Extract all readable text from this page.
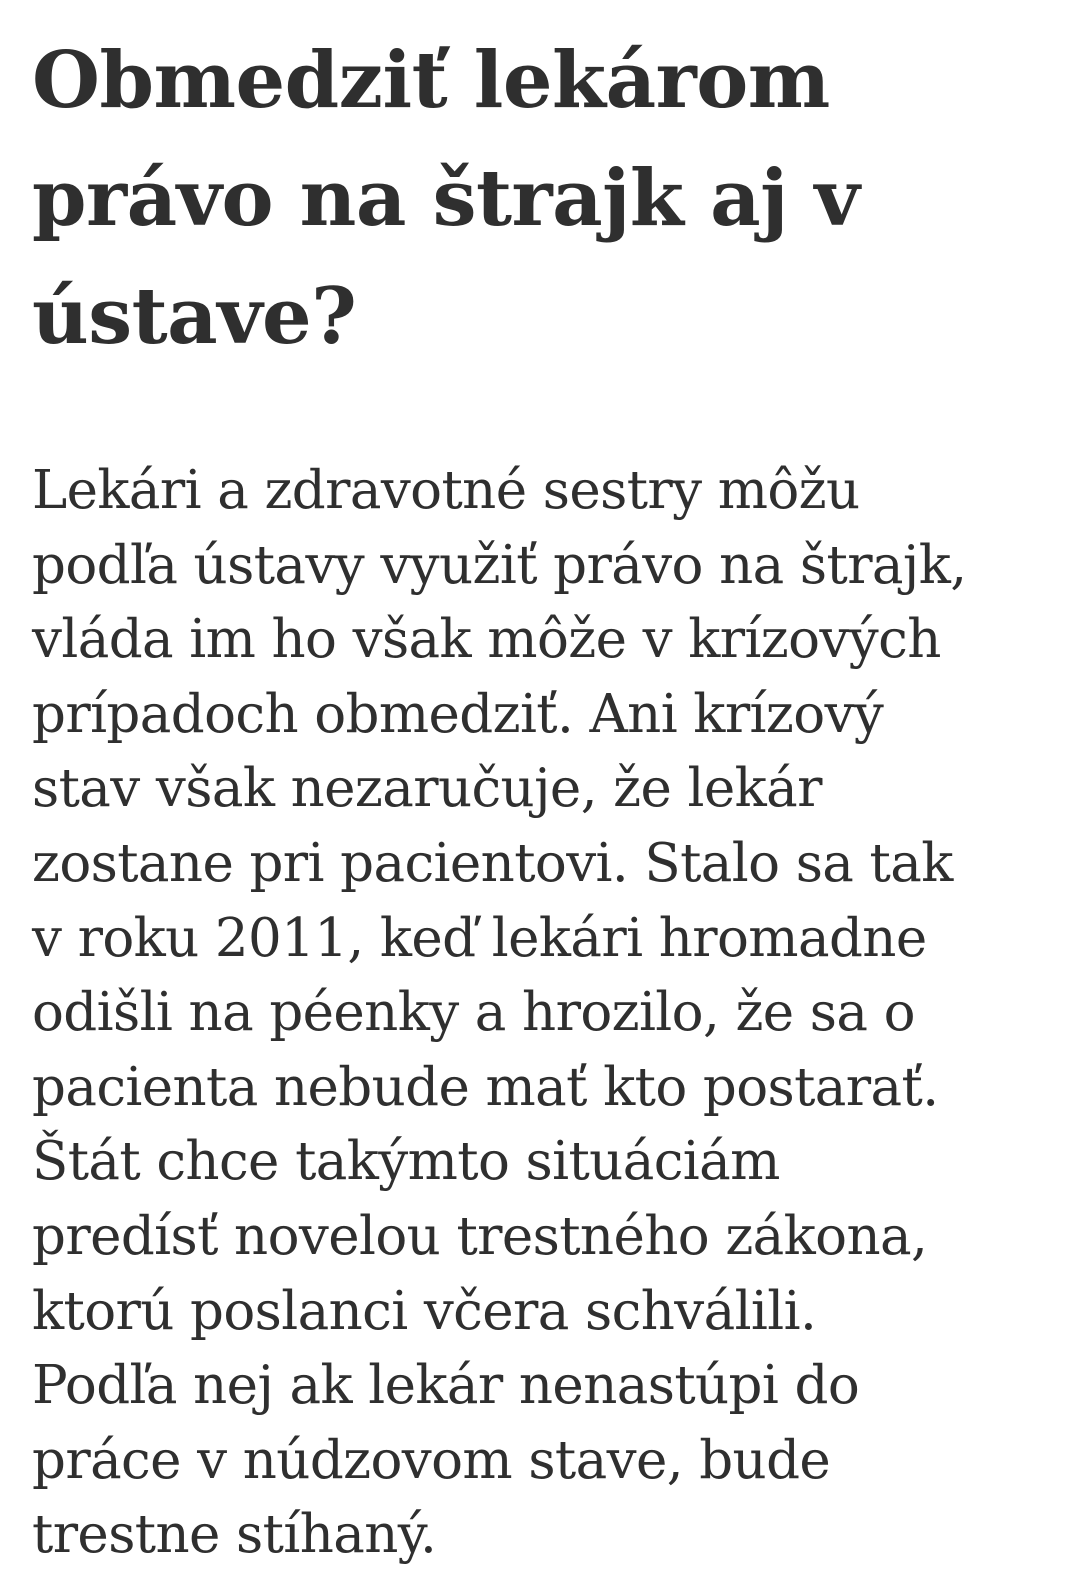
Obmedziť lekárom
právo na štrajk aj v
ústave?

Lekári a zdravotné sestry môžu
podľa ústavy využiť právo na štrajk,
vláda im ho však môže v krízových
prípadoch obmedziť. Ani krízový
stav však nezaručuje, že lekár
zostane pri pacientovi. Stalo sa tak
v roku 2011, keď lekári hromadne
odišli na péenky a hrozilo, že sa o
pacienta nebude mať kto postarať.
Štát chce takýmto situáciám
predísť novelou trestného zákona,
ktorú poslanci včera schválili.
Podľa nej ak lekár nenastúpi do
práce v núdzovom stave, bude
trestne stíhaný.
